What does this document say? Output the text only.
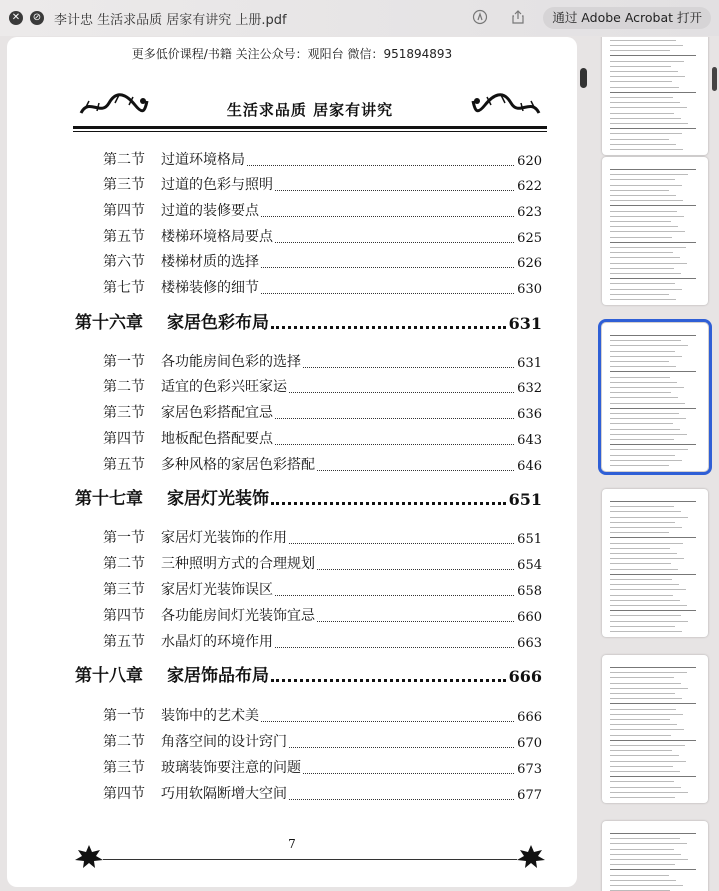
✕ ⊘ 李计忠 生活求品质 居家有讲究 上册.pdf	通过 Adobe Acrobat 打开
更多低价课程/书籍 关注公众号：观阳台 微信：951894893
生活求品质 居家有讲究
第二节 过道环境格局	620
第三节 过道的色彩与照明	622
第四节 过道的装修要点	623
第五节 楼梯环境格局要点	625
第六节 楼梯材质的选择	626
第七节 楼梯装修的细节	630
第十六章 家居色彩布局	631
第一节 各功能房间色彩的选择	631
第二节 适宜的色彩兴旺家运	632
第三节 家居色彩搭配宜忌	636
第四节 地板配色搭配要点	643
第五节 多种风格的家居色彩搭配	646
第十七章 家居灯光装饰	651
第一节 家居灯光装饰的作用	651
第二节 三种照明方式的合理规划	654
第三节 家居灯光装饰误区	658
第四节 各功能房间灯光装饰宜忌	660
第五节 水晶灯的环境作用	663
第十八章 家居饰品布局	666
第一节 装饰中的艺术美	666
第二节 角落空间的设计窍门	670
第三节 玻璃装饰要注意的问题	673
第四节 巧用软隔断增大空间	677
7
